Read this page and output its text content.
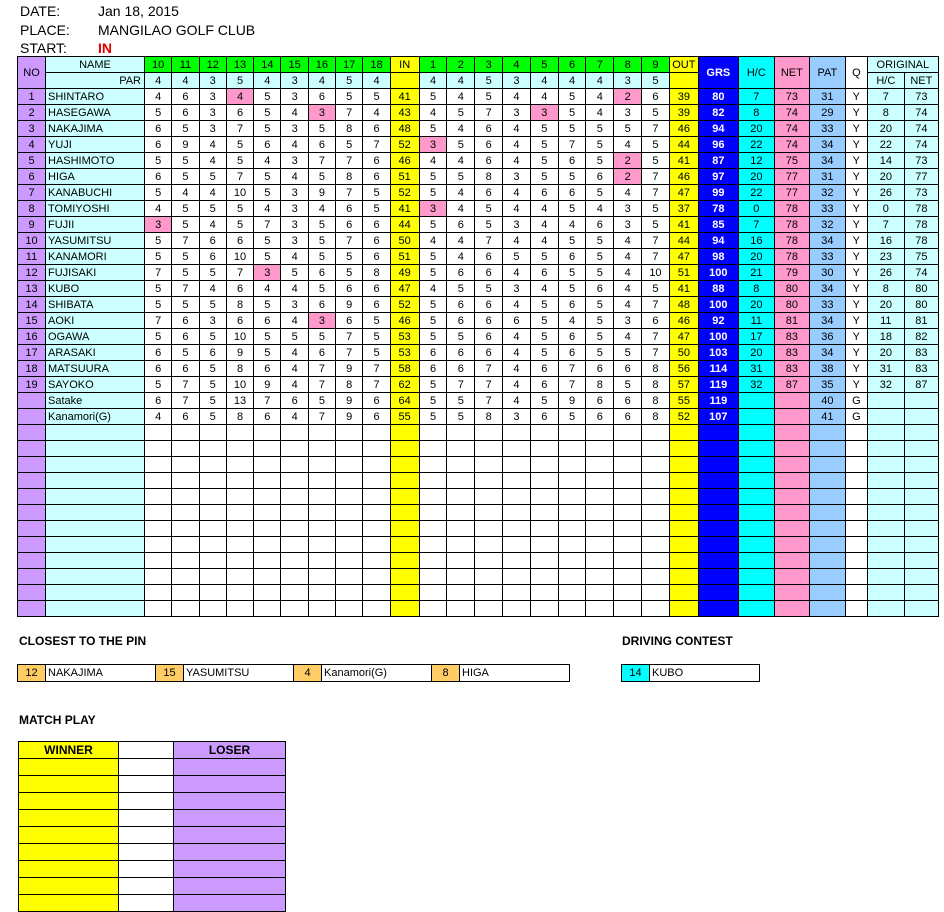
DATE:	Jan 18, 2015
PLACE: MANGILAO GOLF CLUB
START: IN
NO	NAME	10	11	12	13	14	15	16	17	18	IN	1	2	3	4	5	6	7	8	9	OUT	GRS	H/C	NET	PAT	Q	ORIGINAL	
	PAR	4	4	3	5	4	3	4	5	4		4	4	5	3	4	4	4	3	5							H/C	NET
1	SHINTARO	4	6	3	4	5	3	6	5	5	41	5	4	5	4	4	5	4	2	6	39	80	7	73	31	Y	7	73
2	HASEGAWA	5	6	3	6	5	4	3	7	4	43	4	5	7	3	3	5	4	3	5	39	82	8	74	29	Y	8	74
3	NAKAJIMA	6	5	3	7	5	3	5	8	6	48	5	4	6	4	5	5	5	5	7	46	94	20	74	33	Y	20	74
4	YUJI	6	9	4	5	6	4	6	5	7	52	3	5	6	4	5	7	5	4	5	44	96	22	74	34	Y	22	74
5	HASHIMOTO	5	5	4	5	4	3	7	7	6	46	4	4	6	4	5	6	5	2	5	41	87	12	75	34	Y	14	73
6	HIGA	6	5	5	7	5	4	5	8	6	51	5	5	8	3	5	5	6	2	7	46	97	20	77	31	Y	20	77
7	KANABUCHI	5	4	4	10	5	3	9	7	5	52	5	4	6	4	6	6	5	4	7	47	99	22	77	32	Y	26	73
8	TOMIYOSHI	4	5	5	5	4	3	4	6	5	41	3	4	5	4	4	5	4	3	5	37	78	0	78	33	Y	0	78
9	FUJII	3	5	4	5	7	3	5	6	6	44	5	6	5	3	4	4	6	3	5	41	85	7	78	32	Y	7	78
10	YASUMITSU	5	7	6	6	5	3	5	7	6	50	4	4	7	4	4	5	5	4	7	44	94	16	78	34	Y	16	78
11	KANAMORI	5	5	6	10	5	4	5	5	6	51	5	4	6	5	5	6	5	4	7	47	98	20	78	33	Y	23	75
12	FUJISAKI	7	5	5	7	3	5	6	5	8	49	5	6	6	4	6	5	5	4	10	51	100	21	79	30	Y	26	74
13	KUBO	5	7	4	6	4	4	5	6	6	47	4	5	5	3	4	5	6	4	5	41	88	8	80	34	Y	8	80
14	SHIBATA	5	5	5	8	5	3	6	9	6	52	5	6	6	4	5	6	5	4	7	48	100	20	80	33	Y	20	80
15	AOKI	7	6	3	6	6	4	3	6	5	46	5	6	6	6	5	4	5	3	6	46	92	11	81	34	Y	11	81
16	OGAWA	5	6	5	10	5	5	5	7	5	53	5	5	6	4	5	6	5	4	7	47	100	17	83	36	Y	18	82
17	ARASAKI	6	5	6	9	5	4	6	7	5	53	6	6	6	4	5	6	5	5	7	50	103	20	83	34	Y	20	83
18	MATSUURA	6	6	5	8	6	4	7	9	7	58	6	6	7	4	6	7	6	6	8	56	114	31	83	38	Y	31	83
19	SAYOKO	5	7	5	10	9	4	7	8	7	62	5	7	7	4	6	7	8	5	8	57	119	32	87	35	Y	32	87
	Satake	6	7	5	13	7	6	5	9	6	64	5	5	7	4	5	9	6	6	8	55	119			40	G		
	Kanamori(G)	4	6	5	8	6	4	7	9	6	55	5	5	8	3	6	5	6	6	8	52	107			41	G		

CLOSEST TO THE PIN
12	NAKAJIMA	15	YASUMITSU	4	Kanamori(G)	8	HIGA
DRIVING CONTEST
14	KUBO
MATCH PLAY
WINNER		LOSER
